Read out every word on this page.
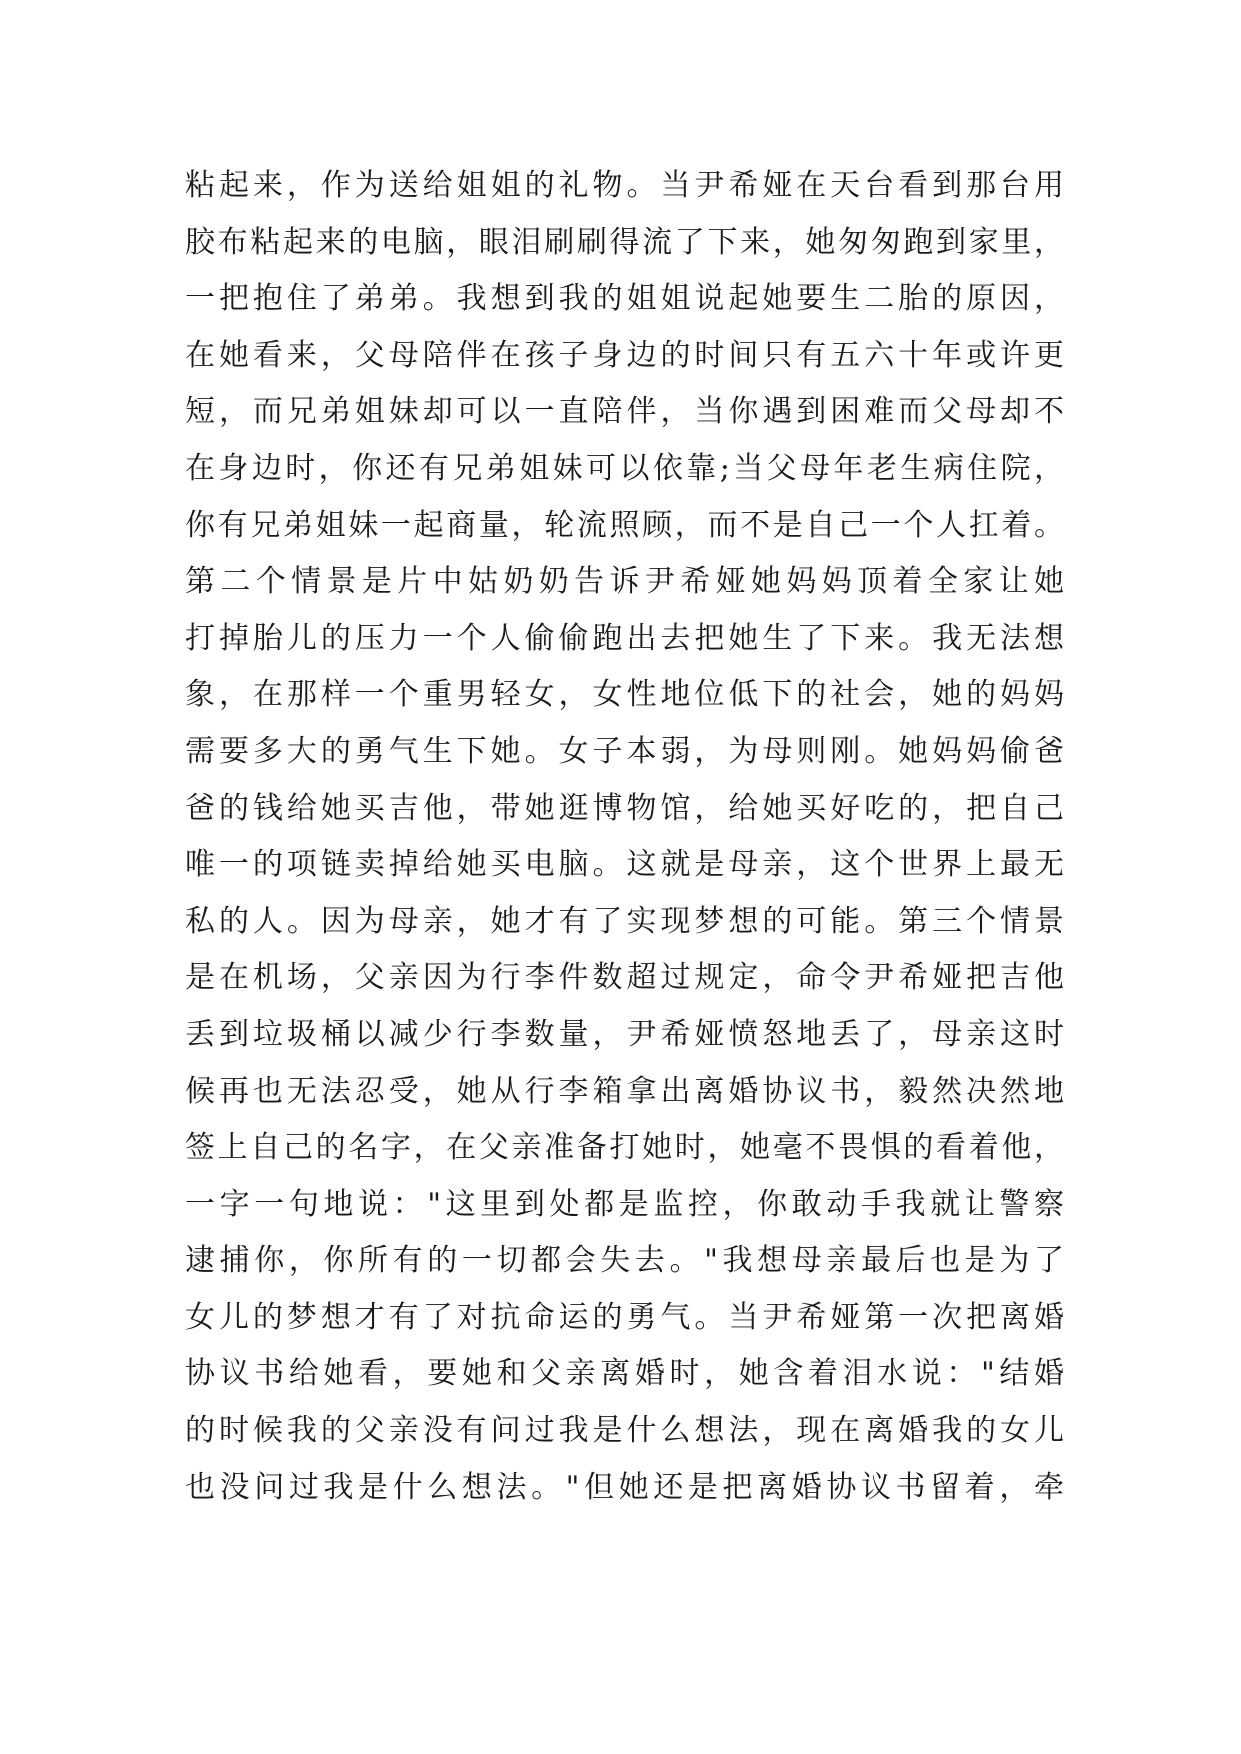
粘起来，作为送给姐姐的礼物。当尹希娅在天台看到那台用
胶布粘起来的电脑，眼泪刷刷得流了下来，她匆匆跑到家里，
一把抱住了弟弟。我想到我的姐姐说起她要生二胎的原因，
在她看来，父母陪伴在孩子身边的时间只有五六十年或许更
短，而兄弟姐妹却可以一直陪伴，当你遇到困难而父母却不
在身边时，你还有兄弟姐妹可以依靠;当父母年老生病住院，
你有兄弟姐妹一起商量，轮流照顾，而不是自己一个人扛着。
第二个情景是片中姑奶奶告诉尹希娅她妈妈顶着全家让她
打掉胎儿的压力一个人偷偷跑出去把她生了下来。我无法想
象，在那样一个重男轻女，女性地位低下的社会，她的妈妈
需要多大的勇气生下她。女子本弱，为母则刚。她妈妈偷爸
爸的钱给她买吉他，带她逛博物馆，给她买好吃的，把自己
唯一的项链卖掉给她买电脑。这就是母亲，这个世界上最无
私的人。因为母亲，她才有了实现梦想的可能。第三个情景
是在机场，父亲因为行李件数超过规定，命令尹希娅把吉他
丢到垃圾桶以减少行李数量，尹希娅愤怒地丢了，母亲这时
候再也无法忍受，她从行李箱拿出离婚协议书，毅然决然地
签上自己的名字，在父亲准备打她时，她毫不畏惧的看着他，
一字一句地说："这里到处都是监控，你敢动手我就让警察
逮捕你，你所有的一切都会失去。"我想母亲最后也是为了
女儿的梦想才有了对抗命运的勇气。当尹希娅第一次把离婚
协议书给她看，要她和父亲离婚时，她含着泪水说："结婚
的时候我的父亲没有问过我是什么想法，现在离婚我的女儿
也没问过我是什么想法。"但她还是把离婚协议书留着，牵
